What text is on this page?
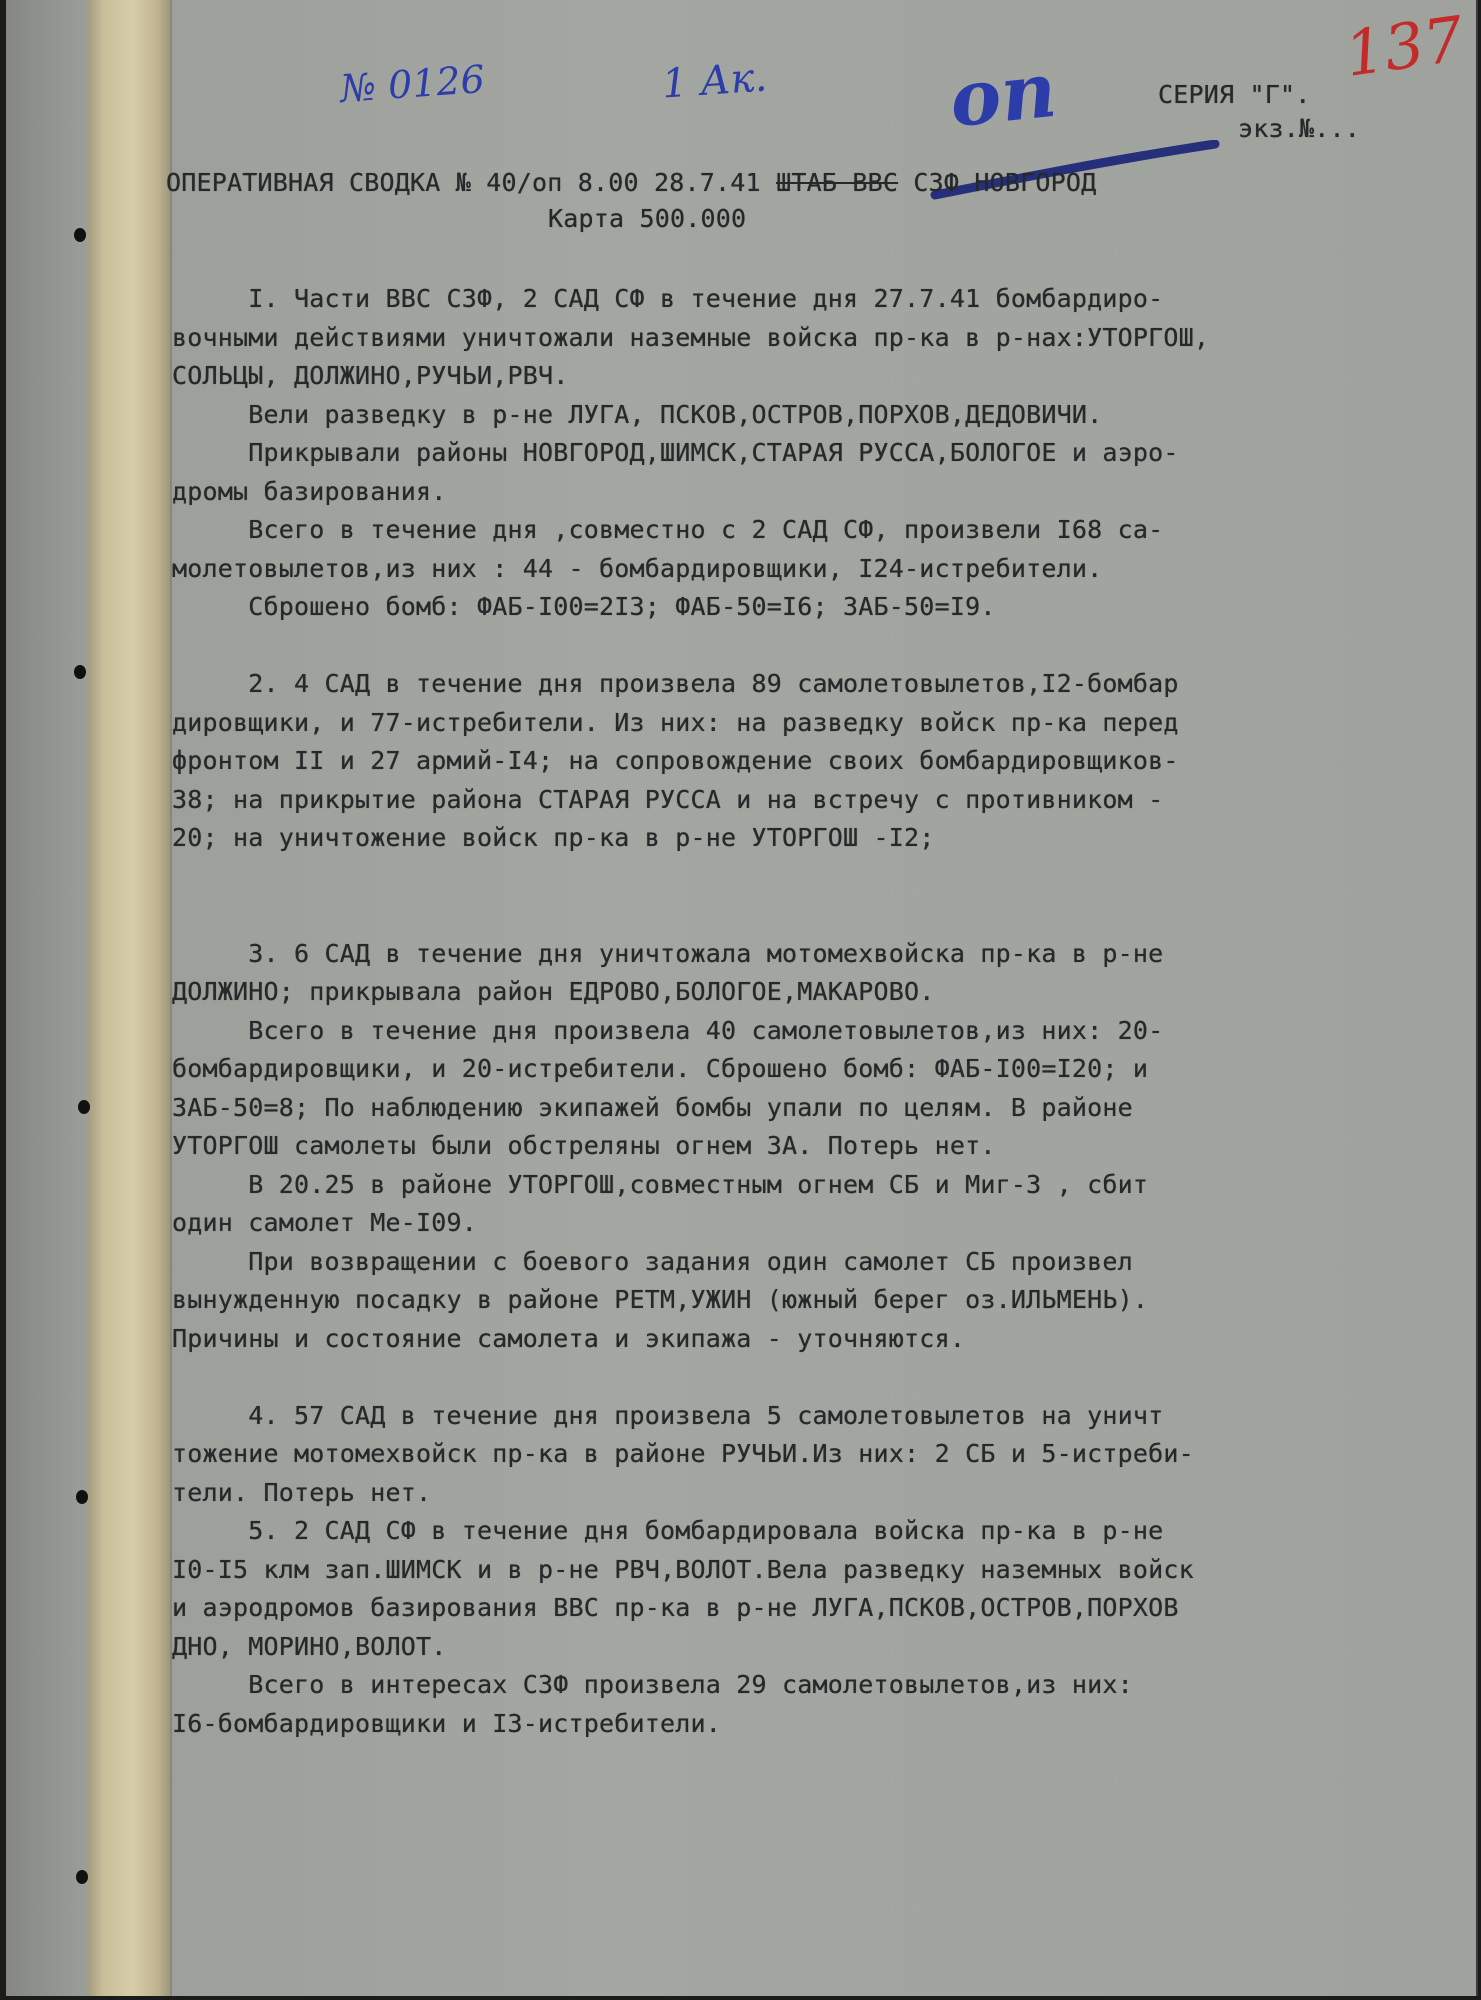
№ 0126	1 Ак. оп	137
СЕРИЯ "Г".
экз.№...
ОПЕРАТИВНАЯ СВОДКА № 40/оп 8.00 28.7.41 ШТАБ ВВС СЗФ НОВГОРОД
Карта 500.000
I. Части ВВС СЗФ, 2 САД СФ в течение дня 27.7.41 бомбардиро-
вочными действиями уничтожали наземные войска пр-ка в р-нах:УТОРГОШ,
СОЛЬЦЫ, ДОЛЖИНО,РУЧЬИ,РВЧ.
Вели разведку в р-не ЛУГА, ПСКОВ,ОСТРОВ,ПОРХОВ,ДЕДОВИЧИ.
Прикрывали районы НОВГОРОД,ШИМСК,СТАРАЯ РУССА,БОЛОГОЕ и аэро-
дромы базирования.
Всего в течение дня ,совместно с 2 САД СФ, произвели I68 са-
молетовылетов,из них : 44 - бомбардировщики, I24-истребители.
Сброшено бомб: ФАБ-I00=2I3; ФАБ-50=I6; ЗАБ-50=I9.
2. 4 САД в течение дня произвела 89 самолетовылетов,I2-бомбар
дировщики, и 77-истребители. Из них: на разведку войск пр-ка перед
фронтом II и 27 армий-I4; на сопровождение своих бомбардировщиков-
38; на прикрытие района СТАРАЯ РУССА и на встречу с противником -
20; на уничтожение войск пр-ка в р-не УТОРГОШ -I2;
3. 6 САД в течение дня уничтожала мотомехвойска пр-ка в р-не
ДОЛЖИНО; прикрывала район ЕДРОВО,БОЛОГОЕ,МАКАРОВО.
Всего в течение дня произвела 40 самолетовылетов,из них: 20-
бомбардировщики, и 20-истребители. Сброшено бомб: ФАБ-I00=I20; и
ЗАБ-50=8; По наблюдению экипажей бомбы упали по целям. В районе
УТОРГОШ самолеты были обстреляны огнем ЗА. Потерь нет.
В 20.25 в районе УТОРГОШ,совместным огнем СБ и Миг-3 , сбит
один самолет Ме-I09.
При возвращении с боевого задания один самолет СБ произвел
вынужденную посадку в районе РЕТМ,УЖИН (южный берег оз.ИЛЬМЕНЬ).
Причины и состояние самолета и экипажа - уточняются.
4. 57 САД в течение дня произвела 5 самолетовылетов на уничт
тожение мотомехвойск пр-ка в районе РУЧЬИ.Из них: 2 СБ и 5-истреби-
тели. Потерь нет.
5. 2 САД СФ в течение дня бомбардировала войска пр-ка в р-не
I0-I5 клм зап.ШИМСК и в р-не РВЧ,ВОЛОТ.Вела разведку наземных войск
и аэродромов базирования ВВС пр-ка в р-не ЛУГА,ПСКОВ,ОСТРОВ,ПОРХОВ
ДНО, МОРИНО,ВОЛОТ.
Всего в интересах СЗФ произвела 29 самолетовылетов,из них:
I6-бомбардировщики и I3-истребители.
